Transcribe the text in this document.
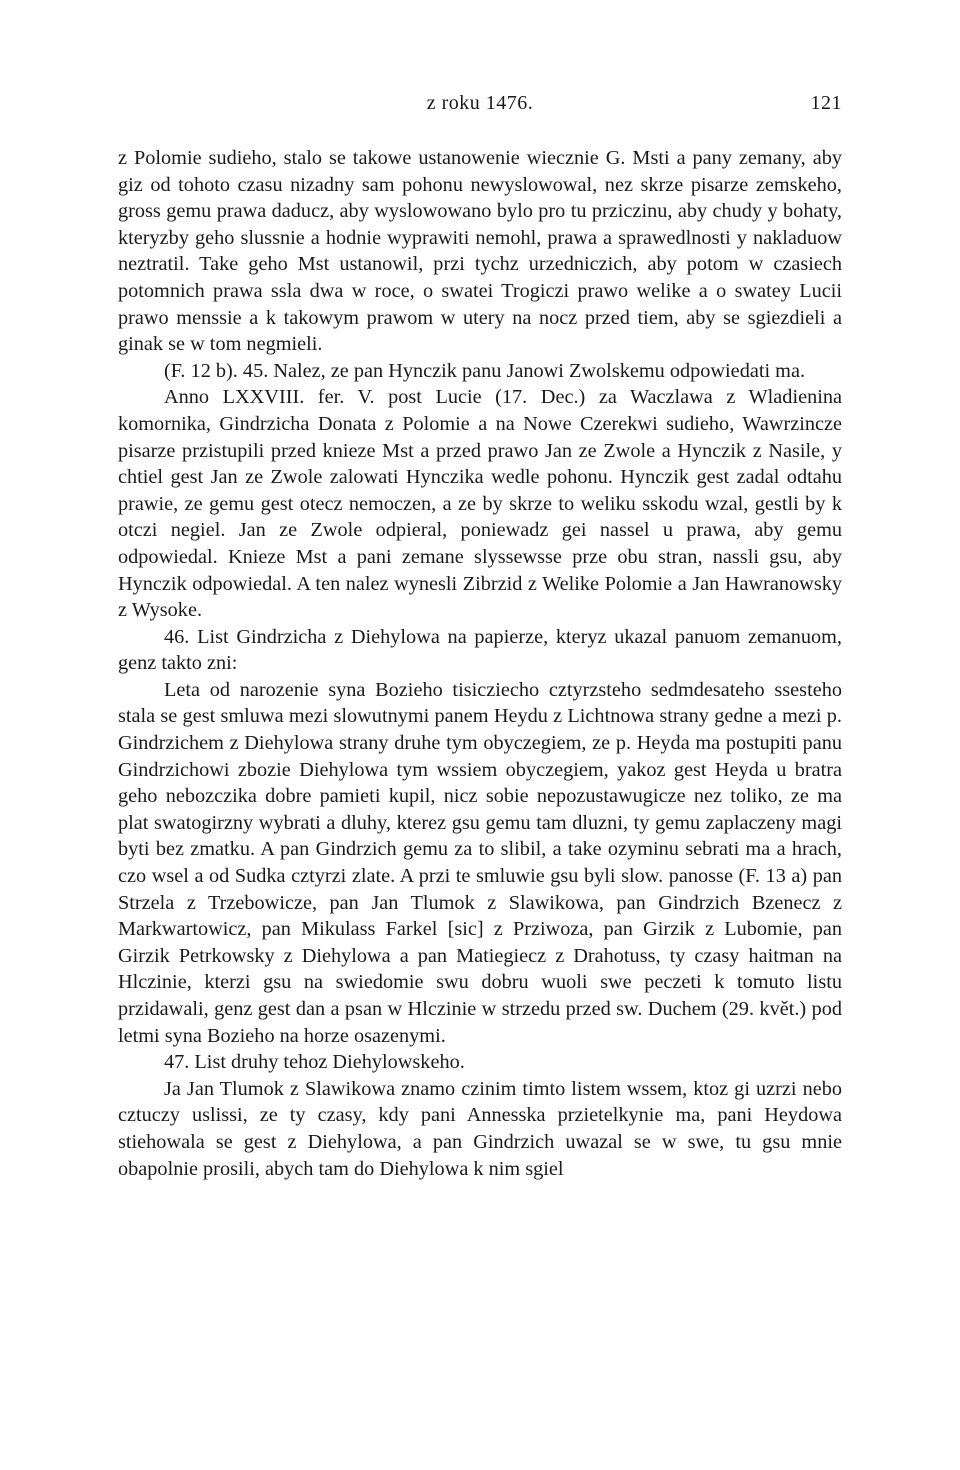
z roku 1476.	121

z Polomie sudieho, stalo se takowe ustanowenie wiecznie G. Msti a pany zemany, aby giz od tohoto czasu nizadny sam pohonu newyslowowal, nez skrze pisarze zemskeho, gross gemu prawa daducz, aby wyslowowano bylo pro tu prziczinu, aby chudy y bohaty, kteryzby geho slussnie a hodnie wyprawiti nemohl, prawa a sprawedlnosti y nakladuow neztratil. Take geho Mst ustanowil, przi tychz urzedniczich, aby potom w czasiech potomnich prawa ssla dwa w roce, o swatei Trogiczi prawo welike a o swatey Lucii prawo menssie a k takowym prawom w utery na nocz przed tiem, aby se sgiezdieli a ginak se w tom negmieli.

(F. 12 b). 45. Nalez, ze pan Hynczik panu Janowi Zwolskemu odpowiedati ma.

Anno LXXVIII. fer. V. post Lucie (17. Dec.) za Waczlawa z Wladienina komornika, Gindrzicha Donata z Polomie a na Nowe Czerekwi sudieho, Wawrzincze pisarze przistupili przed knieze Mst a przed prawo Jan ze Zwole a Hynczik z Nasile, y chtiel gest Jan ze Zwole zalowati Hynczika wedle pohonu. Hynczik gest zadal odtahu prawie, ze gemu gest otecz nemoczen, a ze by skrze to weliku sskodu wzal, gestli by k otczi negiel. Jan ze Zwole odpieral, poniewadz gei nassel u prawa, aby gemu odpowiedal. Knieze Mst a pani zemane slyssewsse prze obu stran, nassli gsu, aby Hynczik odpowiedal. A ten nalez wynesli Zibrzid z Welike Polomie a Jan Hawranowsky z Wysoke.

46. List Gindrzicha z Diehylowa na papierze, kteryz ukazal panuom zemanuom, genz takto zni:

Leta od narozenie syna Bozieho tisicziecho cztyrzsteho sedmdesateho ssesteho stala se gest smluwa mezi slowutnymi panem Heydu z Lichtnowa strany gedne a mezi p. Gindrzichem z Diehylowa strany druhe tym obyczegiem, ze p. Heyda ma postupiti panu Gindrzichowi zbozie Diehylowa tym wssiem obyczegiem, yakoz gest Heyda u bratra geho nebozczika dobre pamieti kupil, nicz sobie nepozustawugicze nez toliko, ze ma plat swatogirzny wybrati a dluhy, kterez gsu gemu tam dluzni, ty gemu zaplaczeny magi byti bez zmatku. A pan Gindrzich gemu za to slibil, a take ozyminu sebrati ma a hrach, czo wsel a od Sudka cztyrzi zlate. A przi te smluwie gsu byli slow. panosse (F. 13 a) pan Strzela z Trzebowicze, pan Jan Tlumok z Slawikowa, pan Gindrzich Bzenecz z Markwartowicz, pan Mikulass Farkel [sic] z Prziwoza, pan Girzik z Lubomie, pan Girzik Petrkowsky z Diehylowa a pan Matiegiecz z Drahotuss, ty czasy haitman na Hlczinie, kterzi gsu na swiedomie swu dobru wuoli swe peczeti k tomuto listu przidawali, genz gest dan a psan w Hlczinie w strzedu przed sw. Duchem (29. květ.) pod letmi syna Bozieho na horze osazenymi.

47. List druhy tehoz Diehylowskeho.

Ja Jan Tlumok z Slawikowa znamo czinim timto listem wssem, ktoz gi uzrzi nebo cztuczy uslissi, ze ty czasy, kdy pani Annesska przietelkynie ma, pani Heydowa stiehowala se gest z Diehylowa, a pan Gindrzich uwazal se w swe, tu gsu mnie obapolnie prosili, abych tam do Diehylowa k nim sgiel
